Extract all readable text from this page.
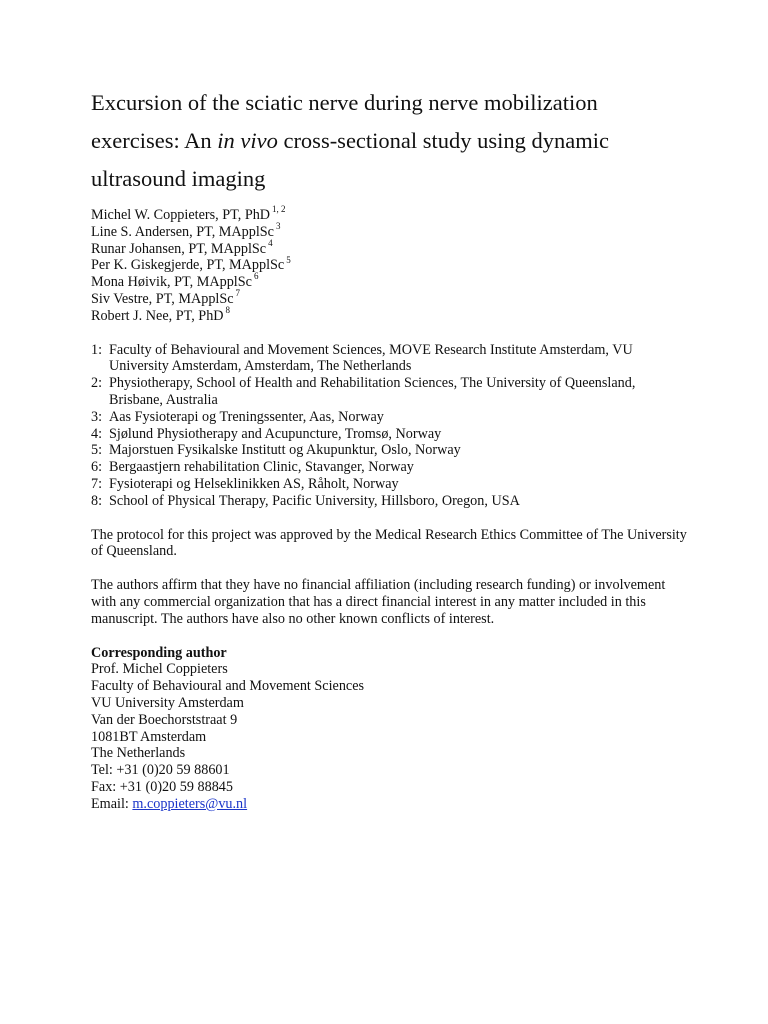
Excursion of the sciatic nerve during nerve mobilization exercises: An in vivo cross-sectional study using dynamic ultrasound imaging
Michel W. Coppieters, PT, PhD $^{1, 2}$
Line S. Andersen, PT, MApplSc $^3$
Runar Johansen, PT, MApplSc $^4$
Per K. Giskegjerde, PT, MApplSc $^5$
Mona Høivik, PT, MApplSc $^6$
Siv Vestre, PT, MApplSc $^7$
Robert J. Nee, PT, PhD $^8$
1: Faculty of Behavioural and Movement Sciences, MOVE Research Institute Amsterdam, VU University Amsterdam, Amsterdam, The Netherlands
2: Physiotherapy, School of Health and Rehabilitation Sciences, The University of Queensland, Brisbane, Australia
3: Aas Fysioterapi og Treningssenter, Aas, Norway
4: Sjølund Physiotherapy and Acupuncture, Tromsø, Norway
5: Majorstuen Fysikalske Institutt og Akupunktur, Oslo, Norway
6: Bergaastjern rehabilitation Clinic, Stavanger, Norway
7: Fysioterapi og Helseklinikken AS, Råholt, Norway
8: School of Physical Therapy, Pacific University, Hillsboro, Oregon, USA

The protocol for this project was approved by the Medical Research Ethics Committee of The University of Queensland.

The authors affirm that they have no financial affiliation (including research funding) or involvement with any commercial organization that has a direct financial interest in any matter included in this manuscript. The authors have also no other known conflicts of interest.

Corresponding author
Prof. Michel Coppieters
Faculty of Behavioural and Movement Sciences
VU University Amsterdam
Van der Boechorststraat 9
1081BT Amsterdam
The Netherlands
Tel: +31 (0)20 59 88601
Fax: +31 (0)20 59 88845
Email: m.coppieters@vu.nl
